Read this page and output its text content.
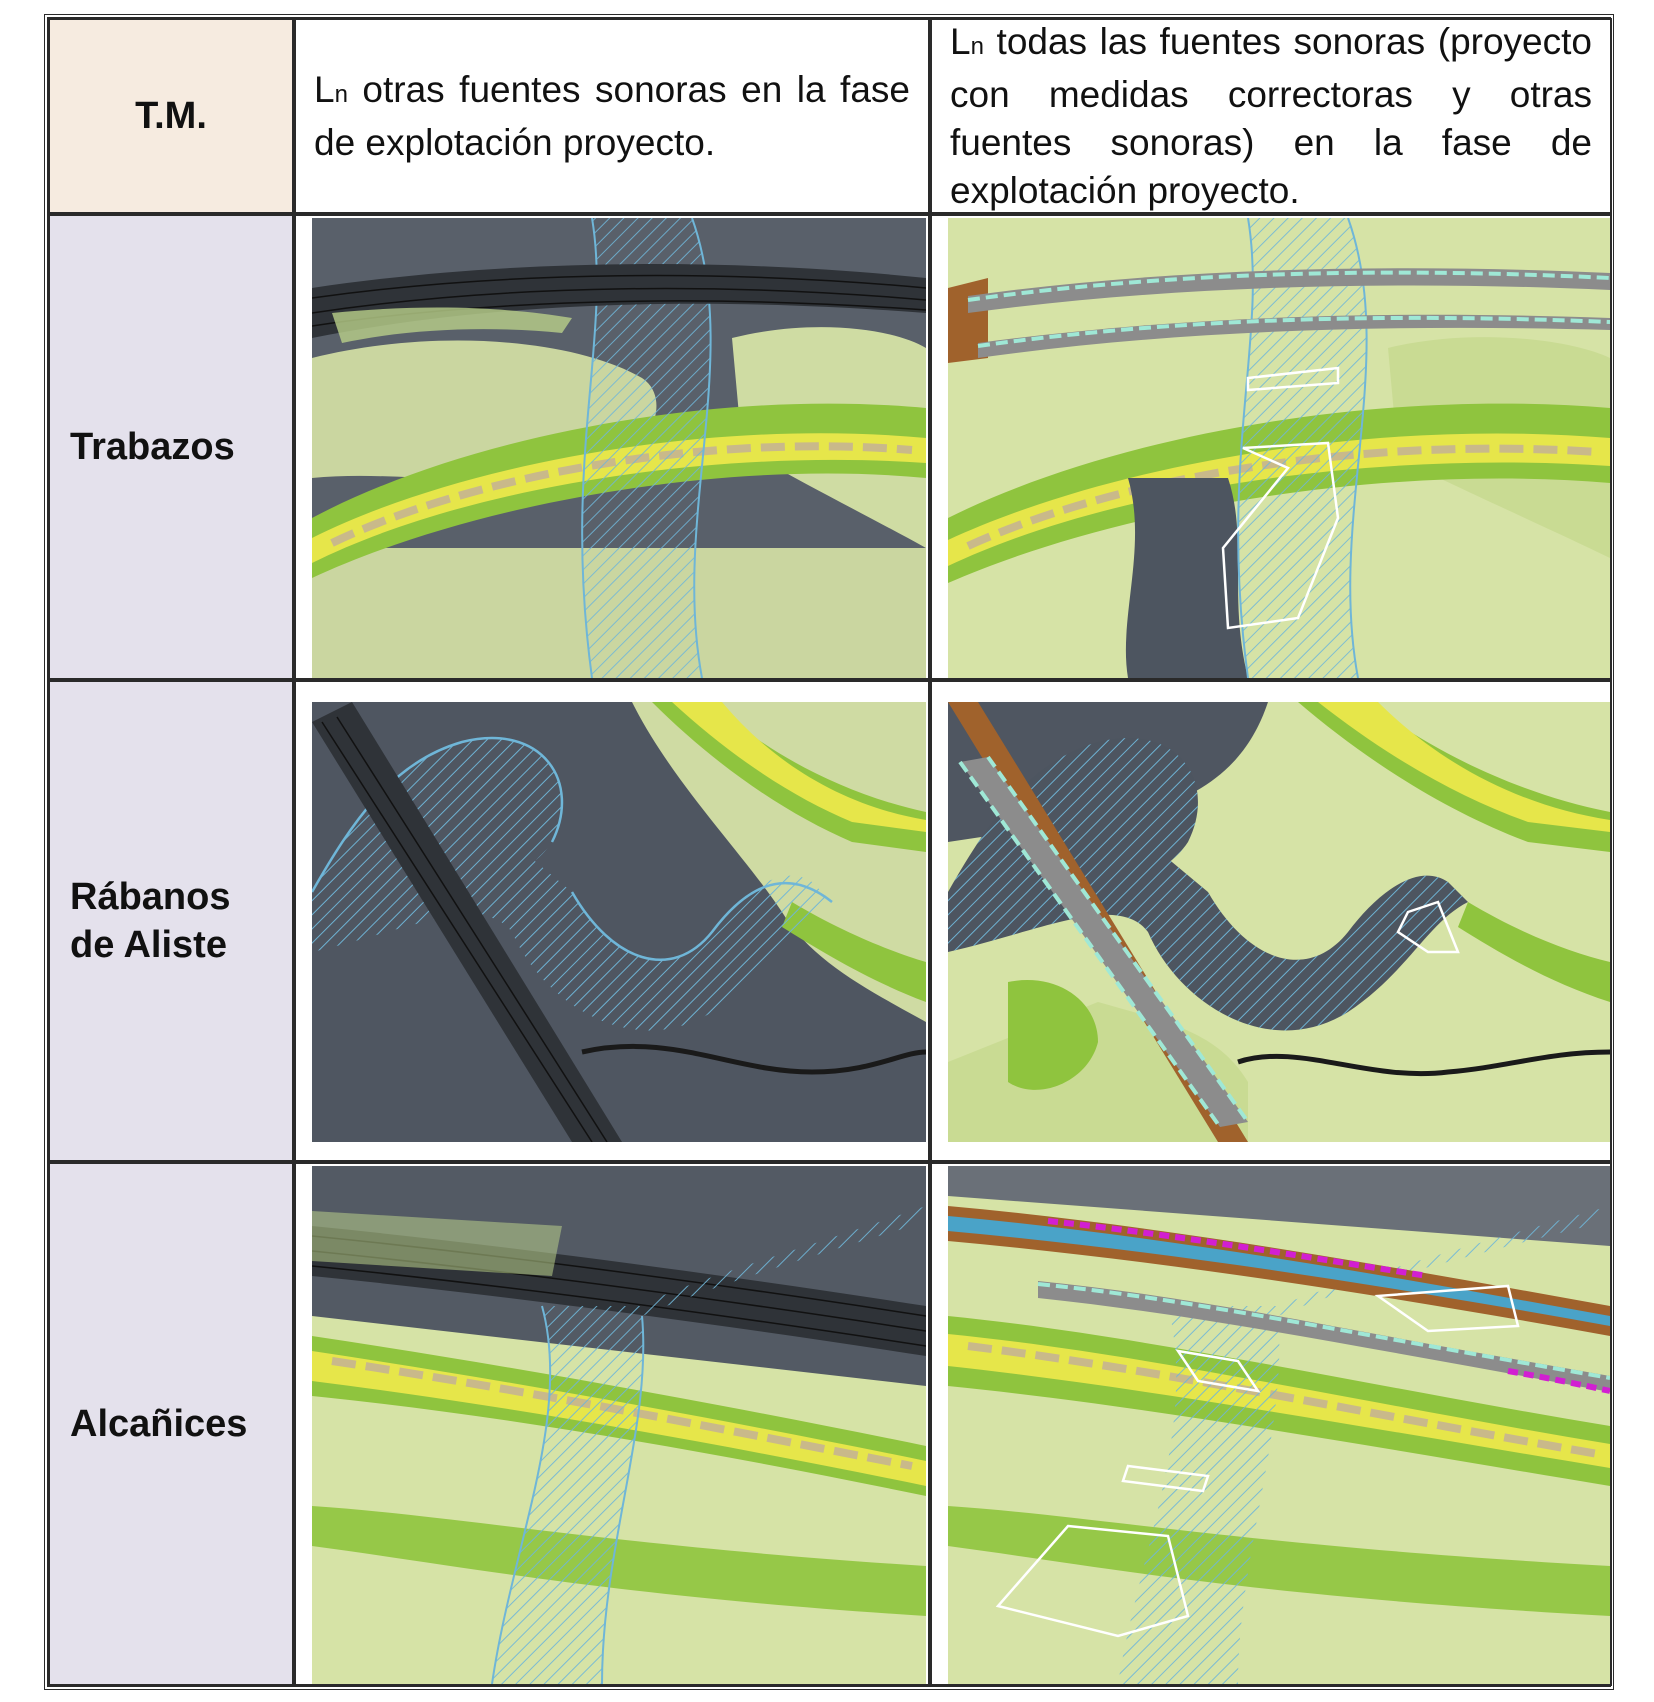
T.M.

Ln otras fuentes sonoras en la fase de explotación proyecto.

Ln todas las fuentes sonoras (proyecto con medidas correctoras y otras fuentes sonoras) en la fase de explotación proyecto.

Trabazos
Rábanos
de Aliste
Alcañices
